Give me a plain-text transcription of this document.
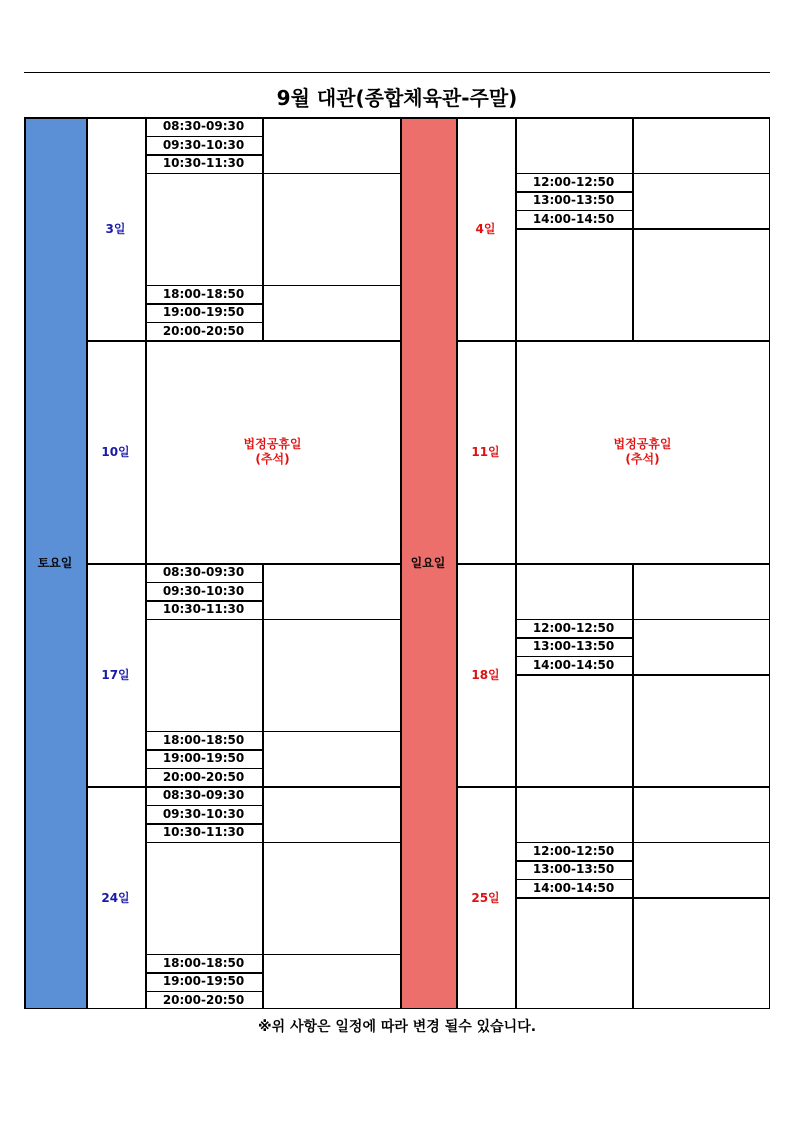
9월 대관(종합체육관-주말)
토요일	일요일
3일
08:30-09:30
09:30-10:30
10:30-11:30
18:00-18:50
19:00-19:50
20:00-20:50
10일
법정공휴일
(추석)
17일
08:30-09:30
09:30-10:30
10:30-11:30
18:00-18:50
19:00-19:50
20:00-20:50
24일
08:30-09:30
09:30-10:30
10:30-11:30
18:00-18:50
19:00-19:50
20:00-20:50
4일
12:00-12:50
13:00-13:50
14:00-14:50
11일
법정공휴일
(추석)
18일
12:00-12:50
13:00-13:50
14:00-14:50
25일
12:00-12:50
13:00-13:50
14:00-14:50
※위 사항은 일정에 따라 변경 될수 있습니다.
